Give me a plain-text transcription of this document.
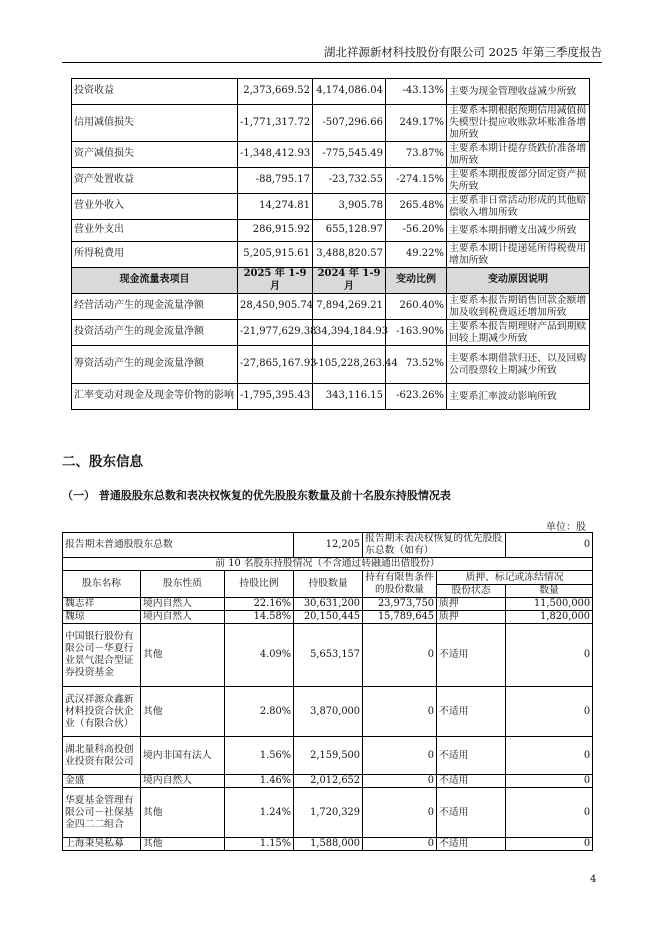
湖北祥源新材科技股份有限公司 2025 年第三季度报告
投资收益	2,373,669.52	4,174,086.04	-43.13%	主要为现金管理收益减少所致
信用减值损失	-1,771,317.72	-507,296.66	249.17%	主要系本期根据预期信用减值损失模型计提应收账款坏账准备增加所致
资产减值损失	-1,348,412.93	-775,545.49	73.87%	主要系本期计提存货跌价准备增加所致
资产处置收益	-88,795.17	-23,732.55	-274.15%	主要系本期报废部分固定资产损失所致
营业外收入	14,274.81	3,905.78	265.48%	主要系非日常活动形成的其他赔偿收入增加所致
营业外支出	286,915.92	655,128.97	-56.20%	主要系本期捐赠支出减少所致
所得税费用	5,205,915.61	3,488,820.57	49.22%	主要系本期计提递延所得税费用增加所致
现金流量表项目	2025 年 1-9 月	2024 年 1-9 月	变动比例	变动原因说明
经营活动产生的现金流量净额	28,450,905.74	7,894,269.21	260.40%	主要系本报告期销售回款金额增加及收到税费返还增加所致
投资活动产生的现金流量净额	-21,977,629.38	34,394,184.93	-163.90%	主要系本报告期理财产品到期赎回较上期减少所致
筹资活动产生的现金流量净额	-27,865,167.93	-105,228,263.44	73.52%	主要系本期借款归还、以及回购公司股票较上期减少所致
汇率变动对现金及现金等价物的影响	-1,795,395.43	343,116.15	-623.26%	主要系汇率波动影响所致
二、股东信息
（一） 普通股股东总数和表决权恢复的优先股股东数量及前十名股东持股情况表
单位：股
报告期末普通股股东总数			12,205	报告期末表决权恢复的优先股股东总数（如有）		0
前 10 名股东持股情况（不含通过转融通出借股份）						
股东名称	股东性质	持股比例	持股数量	持有有限售条件的股份数量	质押、标记或冻结情况	
					股份状态	数量
魏志祥	境内自然人	22.16%	30,631,200	23,973,750	质押	11,500,000
魏琼	境内自然人	14.58%	20,150,445	15,789,645	质押	1,820,000
中国银行股份有限公司－华夏行业景气混合型证券投资基金	其他	4.09%	5,653,157	0	不适用	0
武汉祥源众鑫新材料投资合伙企业（有限合伙）	其他	2.80%	3,870,000	0	不适用	0
湖北量科高投创业投资有限公司	境内非国有法人	1.56%	2,159,500	0	不适用	0
金盛	境内自然人	1.46%	2,012,652	0	不适用	0
华夏基金管理有限公司－社保基金四二二组合	其他	1.24%	1,720,329	0	不适用	0
上海秉昊私募	其他	1.15%	1,588,000	0	不适用	0
4
